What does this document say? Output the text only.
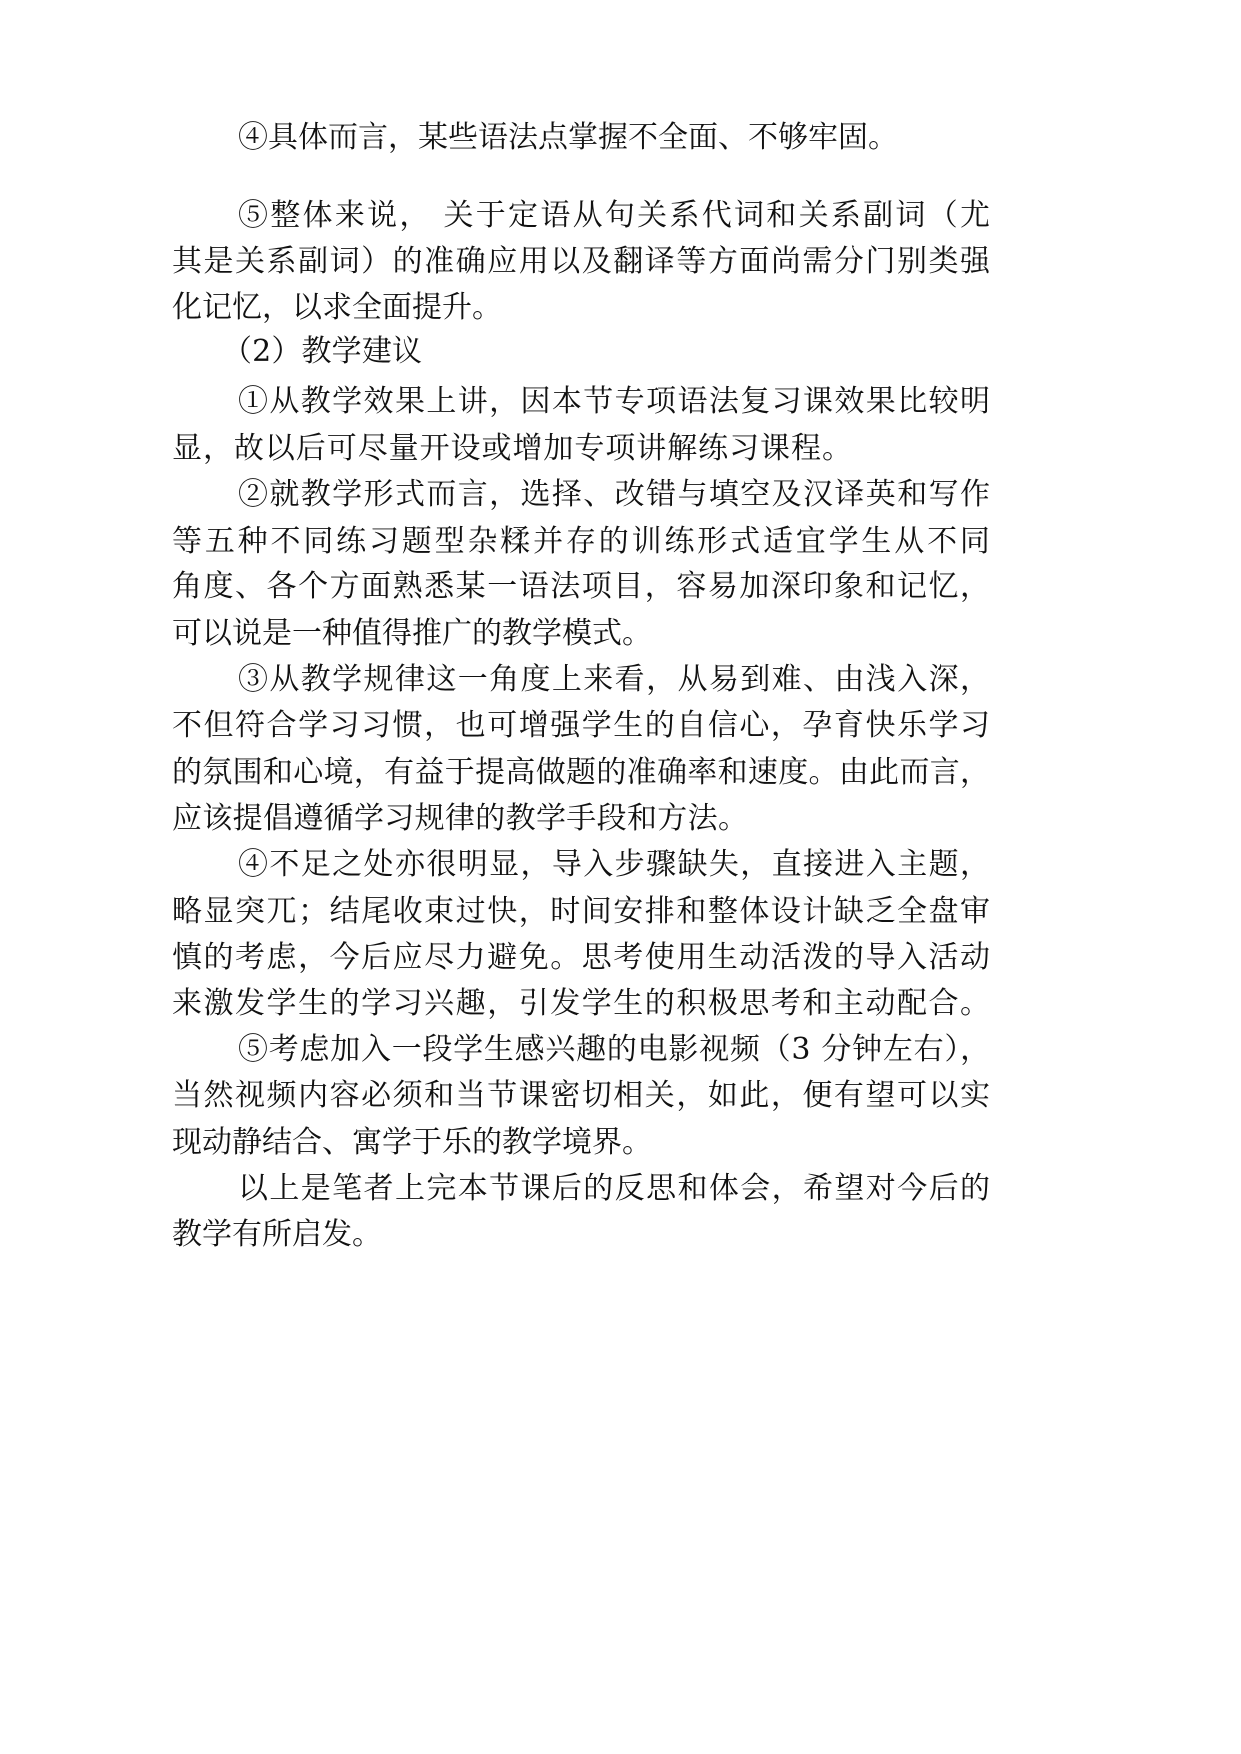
④具体而言，某些语法点掌握不全面、不够牢固。
⑤整体来说， 关于定语从句关系代词和关系副词（尤
其是关系副词）的准确应用以及翻译等方面尚需分门别类强
化记忆，以求全面提升。
（2）教学建议
①从教学效果上讲，因本节专项语法复习课效果比较明
显，故以后可尽量开设或增加专项讲解练习课程。
②就教学形式而言，选择、改错与填空及汉译英和写作
等五种不同练习题型杂糅并存的训练形式适宜学生从不同
角度、各个方面熟悉某一语法项目，容易加深印象和记忆，
可以说是一种值得推广的教学模式。
③从教学规律这一角度上来看，从易到难、由浅入深，
不但符合学习习惯，也可增强学生的自信心，孕育快乐学习
的氛围和心境，有益于提高做题的准确率和速度。由此而言，
应该提倡遵循学习规律的教学手段和方法。
④不足之处亦很明显，导入步骤缺失，直接进入主题，
略显突兀；结尾收束过快，时间安排和整体设计缺乏全盘审
慎的考虑，今后应尽力避免。思考使用生动活泼的导入活动
来激发学生的学习兴趣，引发学生的积极思考和主动配合。
⑤考虑加入一段学生感兴趣的电影视频（3 分钟左右），
当然视频内容必须和当节课密切相关，如此，便有望可以实
现动静结合、寓学于乐的教学境界。
以上是笔者上完本节课后的反思和体会，希望对今后的
教学有所启发。
